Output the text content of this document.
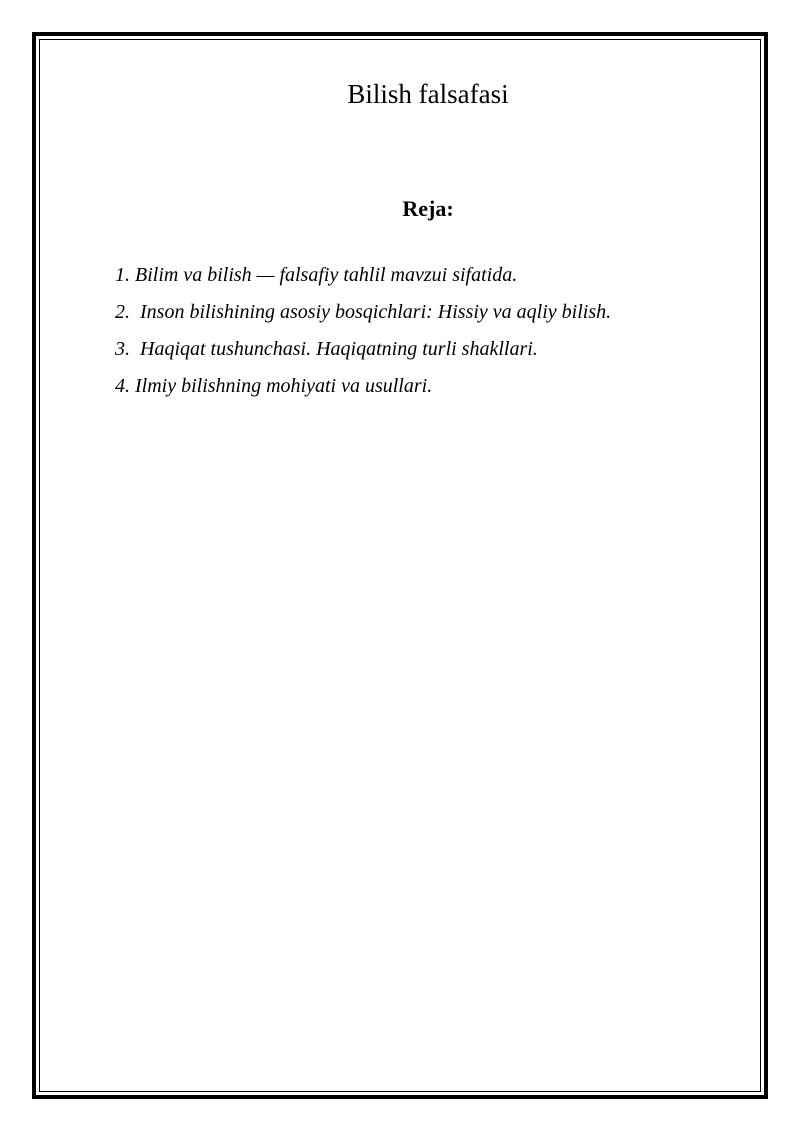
Bilish falsafasi
Reja:
1. Bilim va bilish — falsafiy tahlil mavzui sifatida.
2.  Inson bilishining asosiy bosqichlari: Hissiy va aqliy bilish.
3.  Haqiqat tushunchasi. Haqiqatning turli shakllari.
4. Ilmiy bilishning mohiyati va usullari.
